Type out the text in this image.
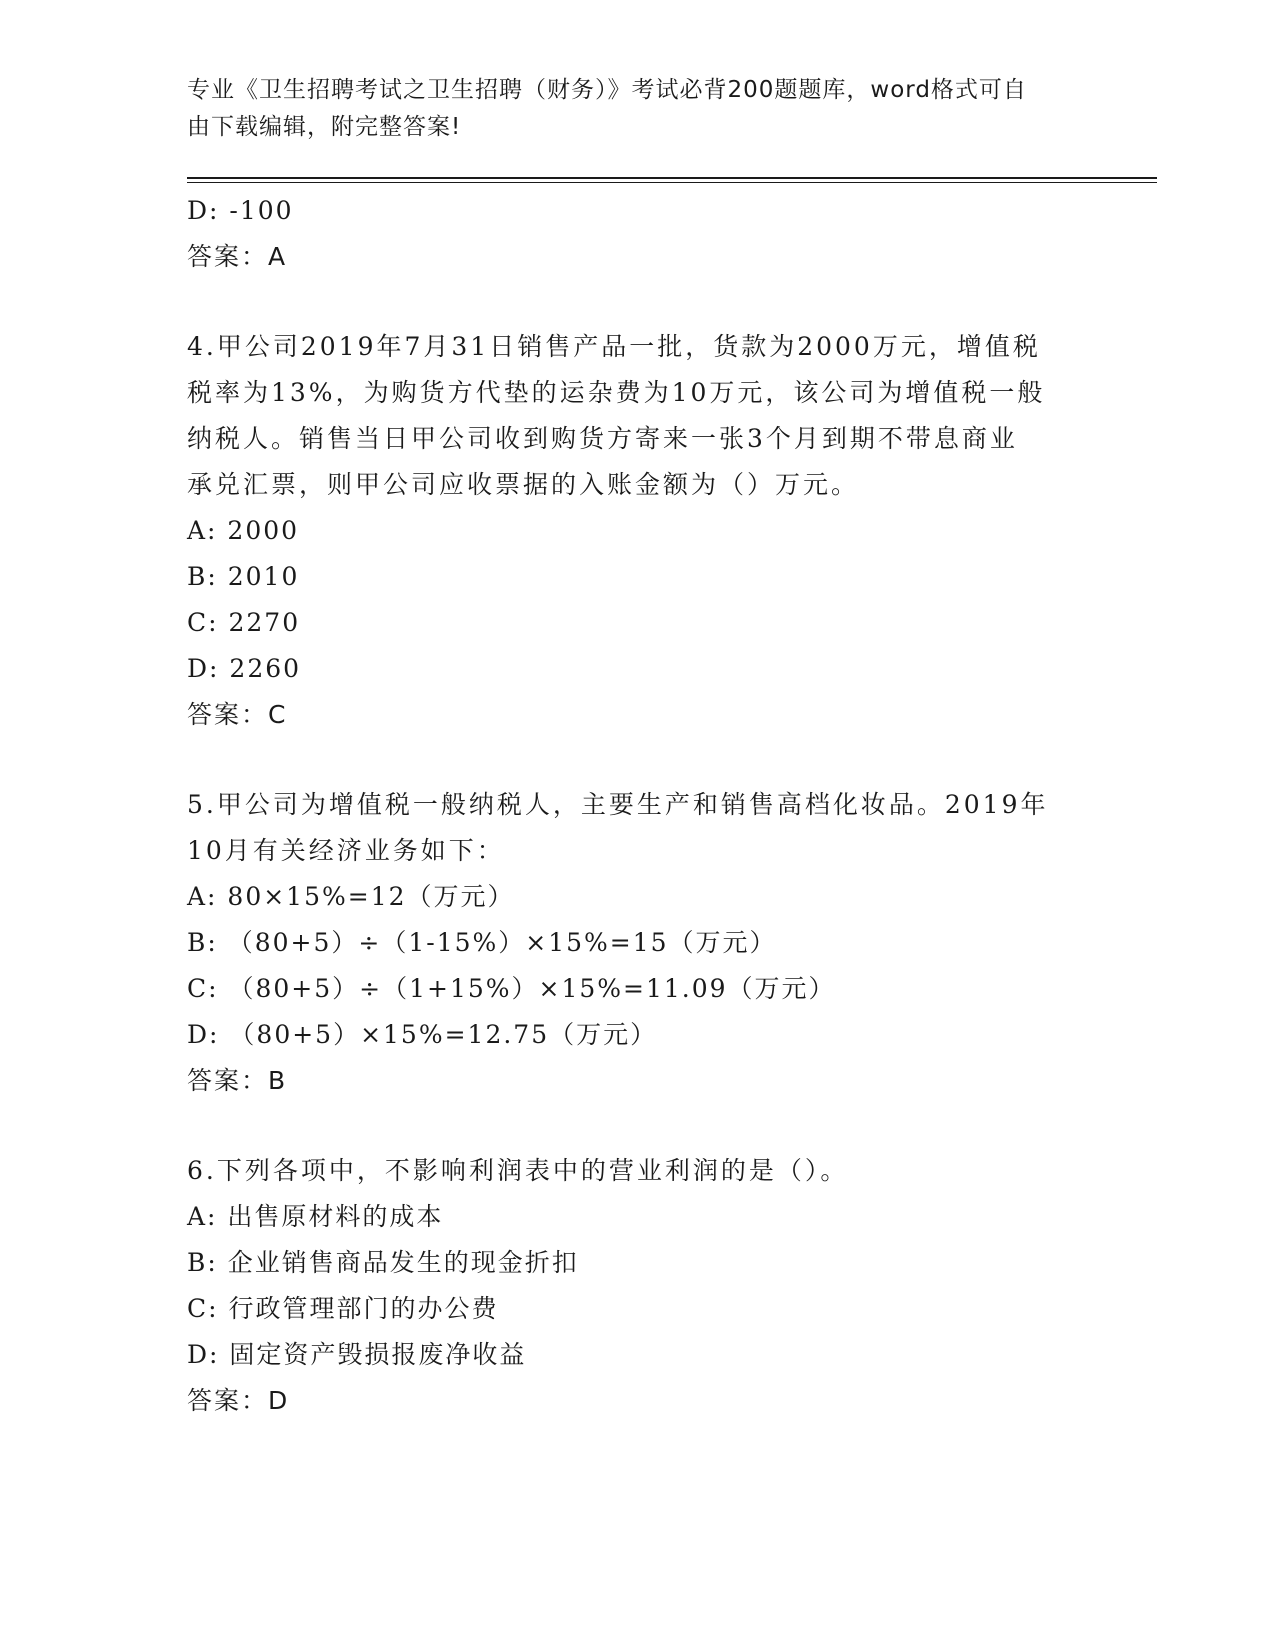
专业《卫生招聘考试之卫生招聘（财务）》考试必背200题题库，word格式可自
由下载编辑，附完整答案!
D: -100
答案：A
4.甲公司2019年7月31日销售产品一批，货款为2000万元，增值税
税率为13%，为购货方代垫的运杂费为10万元，该公司为增值税一般
纳税人。销售当日甲公司收到购货方寄来一张3个月到期不带息商业
承兑汇票，则甲公司应收票据的入账金额为（）万元。
A: 2000
B: 2010
C: 2270
D: 2260
答案：C
5.甲公司为增值税一般纳税人，主要生产和销售高档化妆品。2019年
10月有关经济业务如下：
A: 80×15%=12（万元）
B: （80+5）÷（1-15%）×15%=15（万元）
C: （80+5）÷（1+15%）×15%=11.09（万元）
D: （80+5）×15%=12.75（万元）
答案：B
6.下列各项中，不影响利润表中的营业利润的是（）。
A: 出售原材料的成本
B: 企业销售商品发生的现金折扣
C: 行政管理部门的办公费
D: 固定资产毁损报废净收益
答案：D
